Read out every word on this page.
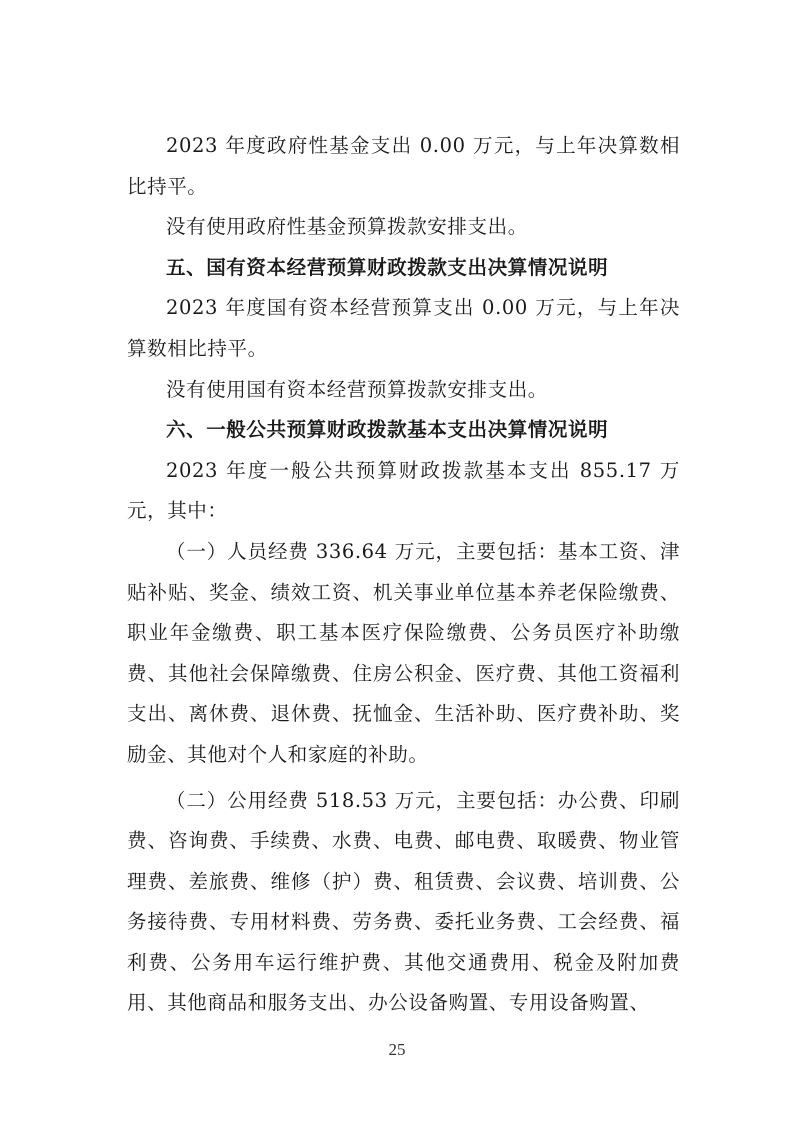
2023 年度政府性基金支出 0.00 万元，与上年决算数相比持平。

没有使用政府性基金预算拨款安排支出。

五、国有资本经营预算财政拨款支出决算情况说明

2023 年度国有资本经营预算支出 0.00 万元，与上年决算数相比持平。

没有使用国有资本经营预算拨款安排支出。

六、一般公共预算财政拨款基本支出决算情况说明

2023 年度一般公共预算财政拨款基本支出 855.17 万元，其中：

（一）人员经费 336.64 万元，主要包括：基本工资、津贴补贴、奖金、绩效工资、机关事业单位基本养老保险缴费、职业年金缴费、职工基本医疗保险缴费、公务员医疗补助缴费、其他社会保障缴费、住房公积金、医疗费、其他工资福利支出、离休费、退休费、抚恤金、生活补助、医疗费补助、奖励金、其他对个人和家庭的补助。

（二）公用经费 518.53 万元，主要包括：办公费、印刷费、咨询费、手续费、水费、电费、邮电费、取暖费、物业管理费、差旅费、维修（护）费、租赁费、会议费、培训费、公务接待费、专用材料费、劳务费、委托业务费、工会经费、福利费、公务用车运行维护费、其他交通费用、税金及附加费用、其他商品和服务支出、办公设备购置、专用设备购置、

25
